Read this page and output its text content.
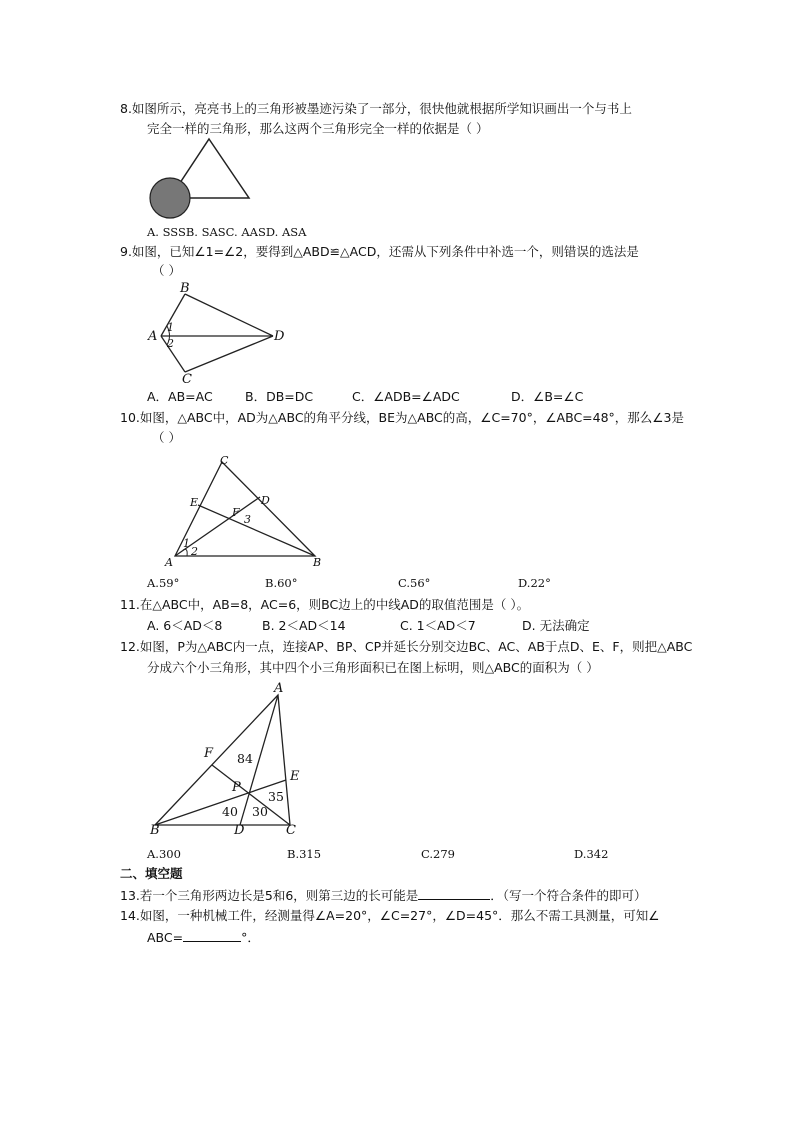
8.如图所示，亮亮书上的三角形被墨迹污染了一部分，很快他就根据所学知识画出一个与书上
完全一样的三角形，那么这两个三角形完全一样的依据是（ ）
A. SSSB. SASC. AASD. ASA
9.如图，已知∠1=∠2，要得到△ABD≌△ACD，还需从下列条件中补选一个，则错误的选法是
（ ）
B
A	D
C
1
2
A．AB=AC	B．DB=DC	C．∠ADB=∠ADC	D．∠B=∠C
10.如图，△ABC中，AD为△ABC的角平分线，BE为△ABC的高，∠C=70°，∠ABC=48°，那么∠3是
（ ）
C
E	D
F
3
1
2
A	B
A.59°	B.60°	C.56°	D.22°
11.在△ABC中，AB=8，AC=6，则BC边上的中线AD的取值范围是（ ）。
A. 6＜AD＜8	B. 2＜AD＜14	C. 1＜AD＜7	D. 无法确定
12.如图，P为△ABC内一点，连接AP、BP、CP并延长分别交边BC、AC、AB于点D、E、F，则把△ABC
分成六个小三角形，其中四个小三角形面积已在图上标明，则△ABC的面积为（ ）
A
F
E
P
B	D	C
84
40 30
35
A.300	B.315	C.279	D.342
二、填空题
13.若一个三角形两边长是5和6，则第三边的长可能是	．（写一个符合条件的即可）
14.如图，一种机械工件，经测量得∠A=20°，∠C=27°，∠D=45°．那么不需工具测量，可知∠
ABC=	°．
